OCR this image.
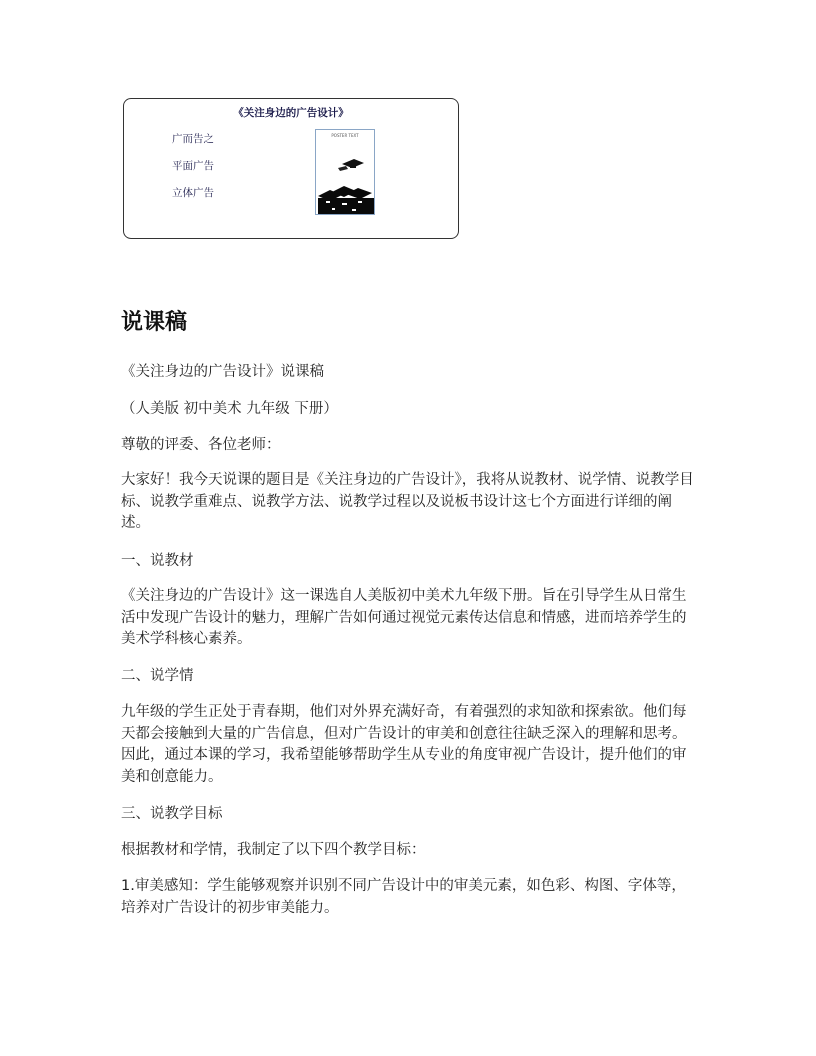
《关注身边的广告设计》
广而告之
平面广告
立体广告
POSTER TEXT
说课稿

《关注身边的广告设计》说课稿

（人美版 初中美术 九年级 下册）

尊敬的评委、各位老师：

大家好！我今天说课的题目是《关注身边的广告设计》，我将从说教材、说学情、说教学目标、说教学重难点、说教学方法、说教学过程以及说板书设计这七个方面进行详细的阐述。

一、说教材

《关注身边的广告设计》这一课选自人美版初中美术九年级下册。旨在引导学生从日常生活中发现广告设计的魅力，理解广告如何通过视觉元素传达信息和情感，进而培养学生的美术学科核心素养。

二、说学情

九年级的学生正处于青春期，他们对外界充满好奇，有着强烈的求知欲和探索欲。他们每天都会接触到大量的广告信息，但对广告设计的审美和创意往往缺乏深入的理解和思考。因此，通过本课的学习，我希望能够帮助学生从专业的角度审视广告设计，提升他们的审美和创意能力。

三、说教学目标

根据教材和学情，我制定了以下四个教学目标：

1.审美感知：学生能够观察并识别不同广告设计中的审美元素，如色彩、构图、字体等，培养对广告设计的初步审美能力。
